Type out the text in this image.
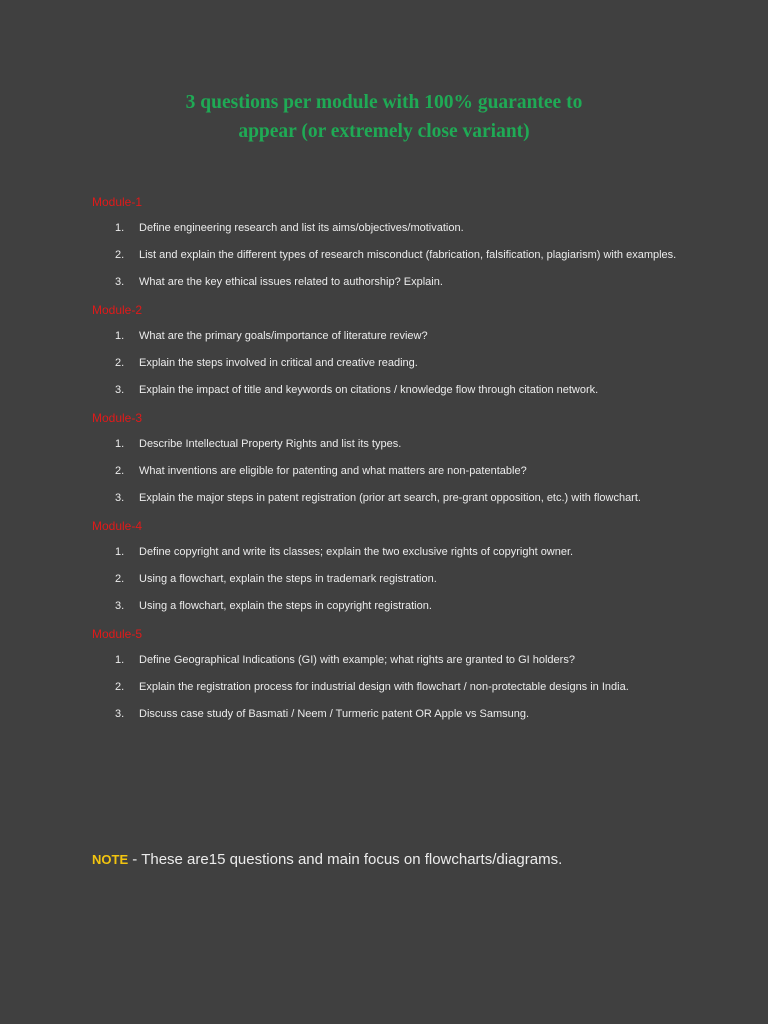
3 questions per module with 100% guarantee to
appear (or extremely close variant)
Module-1
1. Define engineering research and list its aims/objectives/motivation.
2. List and explain the different types of research misconduct (fabrication, falsification, plagiarism) with examples.
3. What are the key ethical issues related to authorship? Explain.
Module-2
1. What are the primary goals/importance of literature review?
2. Explain the steps involved in critical and creative reading.
3. Explain the impact of title and keywords on citations / knowledge flow through citation network.
Module-3
1. Describe Intellectual Property Rights and list its types.
2. What inventions are eligible for patenting and what matters are non-patentable?
3. Explain the major steps in patent registration (prior art search, pre-grant opposition, etc.) with flowchart.
Module-4
1. Define copyright and write its classes; explain the two exclusive rights of copyright owner.
2. Using a flowchart, explain the steps in trademark registration.
3. Using a flowchart, explain the steps in copyright registration.
Module-5
1. Define Geographical Indications (GI) with example; what rights are granted to GI holders?
2. Explain the registration process for industrial design with flowchart / non-protectable designs in India.
3. Discuss case study of Basmati / Neem / Turmeric patent OR Apple vs Samsung.
NOTE - These are15 questions and main focus on flowcharts/diagrams.
